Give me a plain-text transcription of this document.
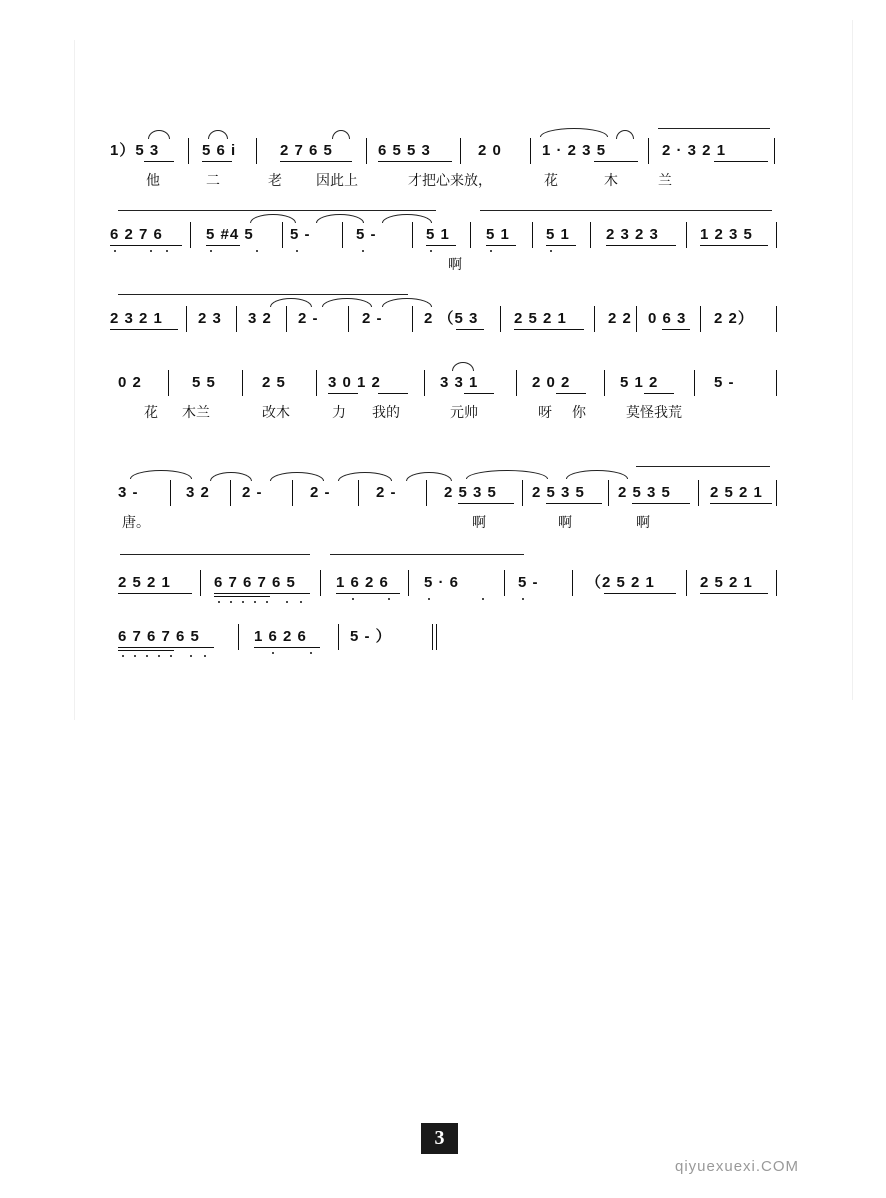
1）5 3	5 6 i	2 7 6 5	6 5 5 3	2 0	1 · 2 3 5	2 · 3 2 1
他	二	老 因此上	才把心来放，	花	木	兰
6 2 7 6	5 #4 5 5 -	5 -	5 1 5 1 5 1 2 3 2 3	1 2 3 5
啊
2 3 2 1 2 3 3 2 2 -	2 -	2 （5 3 2 5 2 1	2 2 0 6 3 2 2）
0 2	5 5	2 5	3 0 1 2	3 3 1	2 0 2	5 1 2	5 -
花 木兰	改木	力 我的	元帅	呀 你	莫怪我荒
3 -	3 2 2 -	2 -	2 -	2 5 3 5 2 5 3 5 2 5 3 5	2 5 2 1
唐。	啊	啊	啊
2 5 2 1	6 7 6 7 6 5	1 6 2 6 5 · 6	5 -	（2 5 2 1	2 5 2 1
6 7 6 7 6 5	1 6 2 6	5 - ）
3
qiyuexuexi.COM
